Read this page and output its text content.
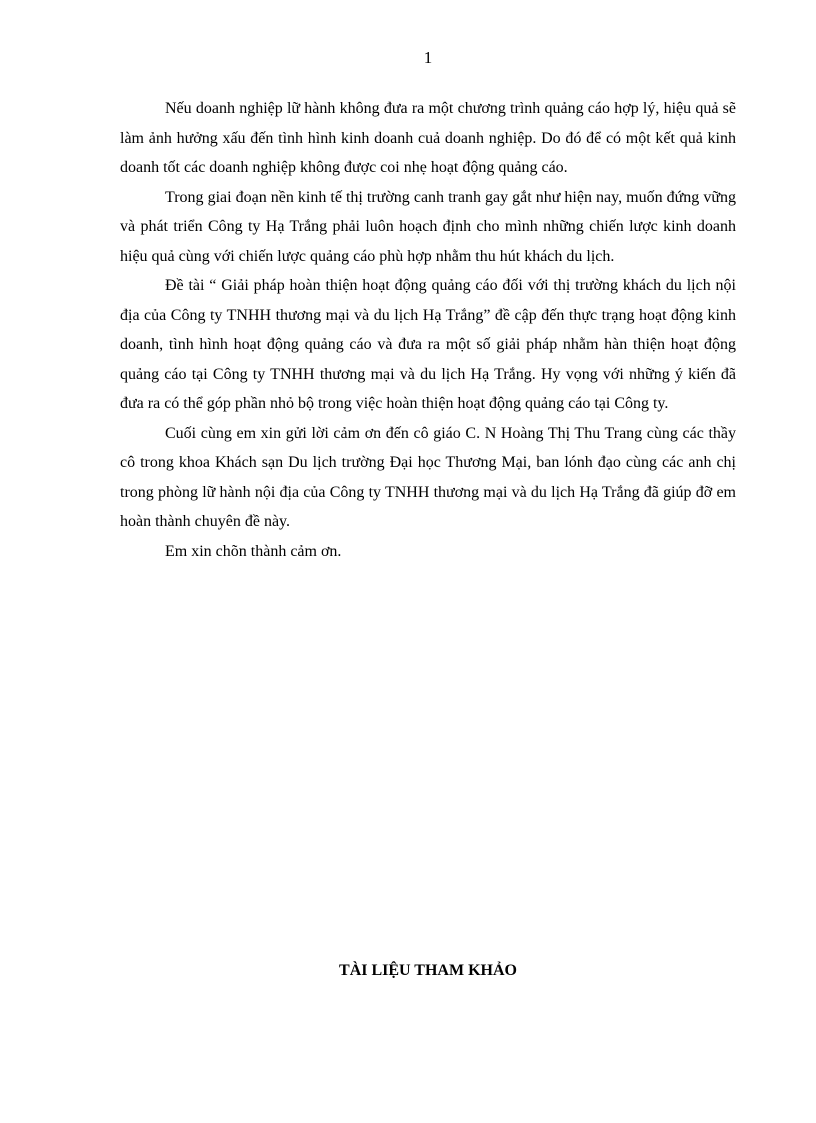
1

Nếu doanh nghiệp lữ hành không đưa ra một chương trình quảng cáo hợp lý, hiệu quả sẽ làm ảnh hưởng xấu đến tình hình kinh doanh cuả doanh nghiệp. Do đó để có một kết quả kinh doanh tốt các doanh nghiệp không được coi nhẹ hoạt động quảng cáo.

Trong giai đoạn nền kinh tế thị trường canh tranh gay gắt như hiện nay, muốn đứng vững và phát triển Công ty Hạ Trắng phải luôn hoạch định cho mình những chiến lược kinh doanh hiệu quả cùng với chiến lược quảng cáo phù hợp nhằm thu hút khách du lịch.

Đề tài “ Giải pháp hoàn thiện hoạt động quảng cáo đối với thị trường khách du lịch nội địa của Công ty TNHH thương mại và du lịch Hạ Trắng” đề cập đến thực trạng hoạt động kinh doanh, tình hình hoạt động quảng cáo và đưa ra một số giải pháp nhằm hàn thiện hoạt động quảng cáo tại Công ty TNHH thương mại và du lịch Hạ Trắng. Hy vọng với những ý kiến đã đưa ra có thể góp phần nhỏ bộ trong việc hoàn thiện hoạt động quảng cáo tại Công ty.

Cuối cùng em xin gửi lời cảm ơn đến cô giáo C. N Hoàng Thị Thu Trang cùng các thầy cô trong khoa Khách sạn Du lịch trường Đại học Thương Mại, ban lónh đạo cùng các anh chị trong phòng lữ hành nội địa của Công ty TNHH thương mại và du lịch Hạ Trắng đã giúp đỡ em hoàn thành chuyên đề này.

Em xin chõn thành cảm ơn.

TÀI LIỆU THAM KHẢO
